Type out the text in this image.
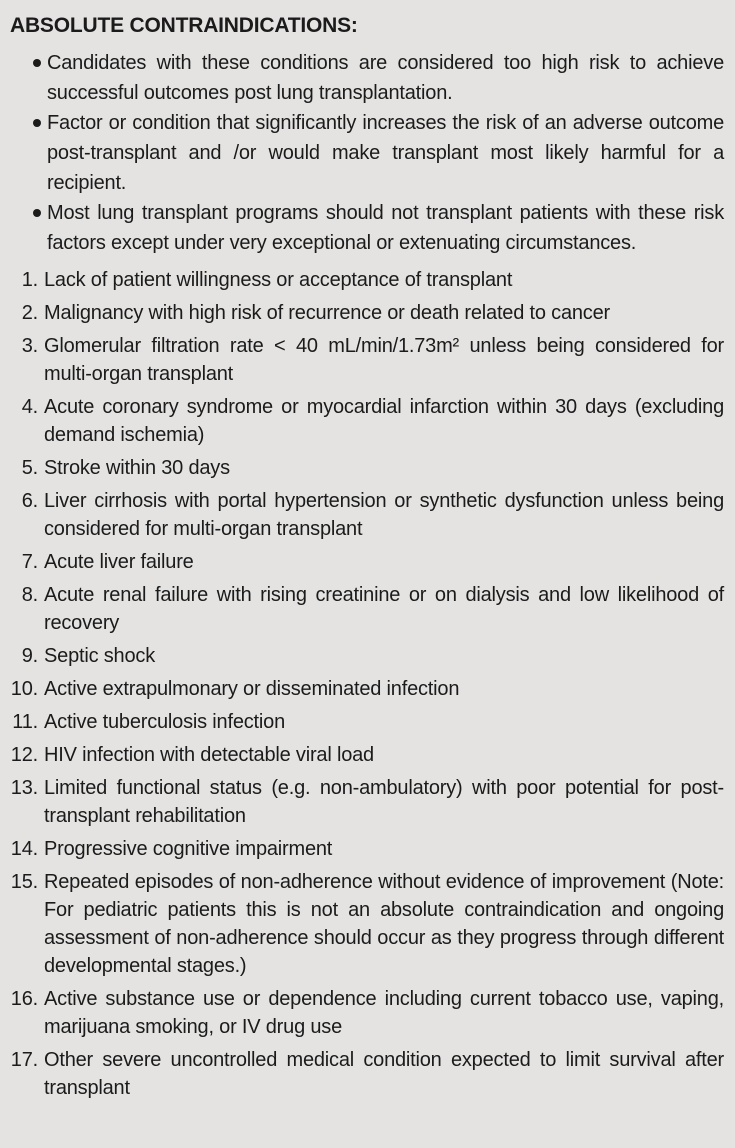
ABSOLUTE CONTRAINDICATIONS:
Candidates with these conditions are considered too high risk to achieve successful outcomes post lung transplantation.
Factor or condition that significantly increases the risk of an adverse outcome post-transplant and /or would make transplant most likely harmful for a recipient.
Most lung transplant programs should not transplant patients with these risk factors except under very exceptional or extenuating circumstances.
1. Lack of patient willingness or acceptance of transplant
2. Malignancy with high risk of recurrence or death related to cancer
3. Glomerular filtration rate < 40 mL/min/1.73m² unless being considered for multi-organ transplant
4. Acute coronary syndrome or myocardial infarction within 30 days (excluding demand ischemia)
5. Stroke within 30 days
6. Liver cirrhosis with portal hypertension or synthetic dysfunction unless being considered for multi-organ transplant
7. Acute liver failure
8. Acute renal failure with rising creatinine or on dialysis and low likelihood of recovery
9. Septic shock
10. Active extrapulmonary or disseminated infection
11. Active tuberculosis infection
12. HIV infection with detectable viral load
13. Limited functional status (e.g. non-ambulatory) with poor potential for post-transplant rehabilitation
14. Progressive cognitive impairment
15. Repeated episodes of non-adherence without evidence of improvement (Note: For pediatric patients this is not an absolute contraindication and ongoing assessment of non-adherence should occur as they progress through different developmental stages.)
16. Active substance use or dependence including current tobacco use, vaping, marijuana smoking, or IV drug use
17. Other severe uncontrolled medical condition expected to limit survival after transplant
